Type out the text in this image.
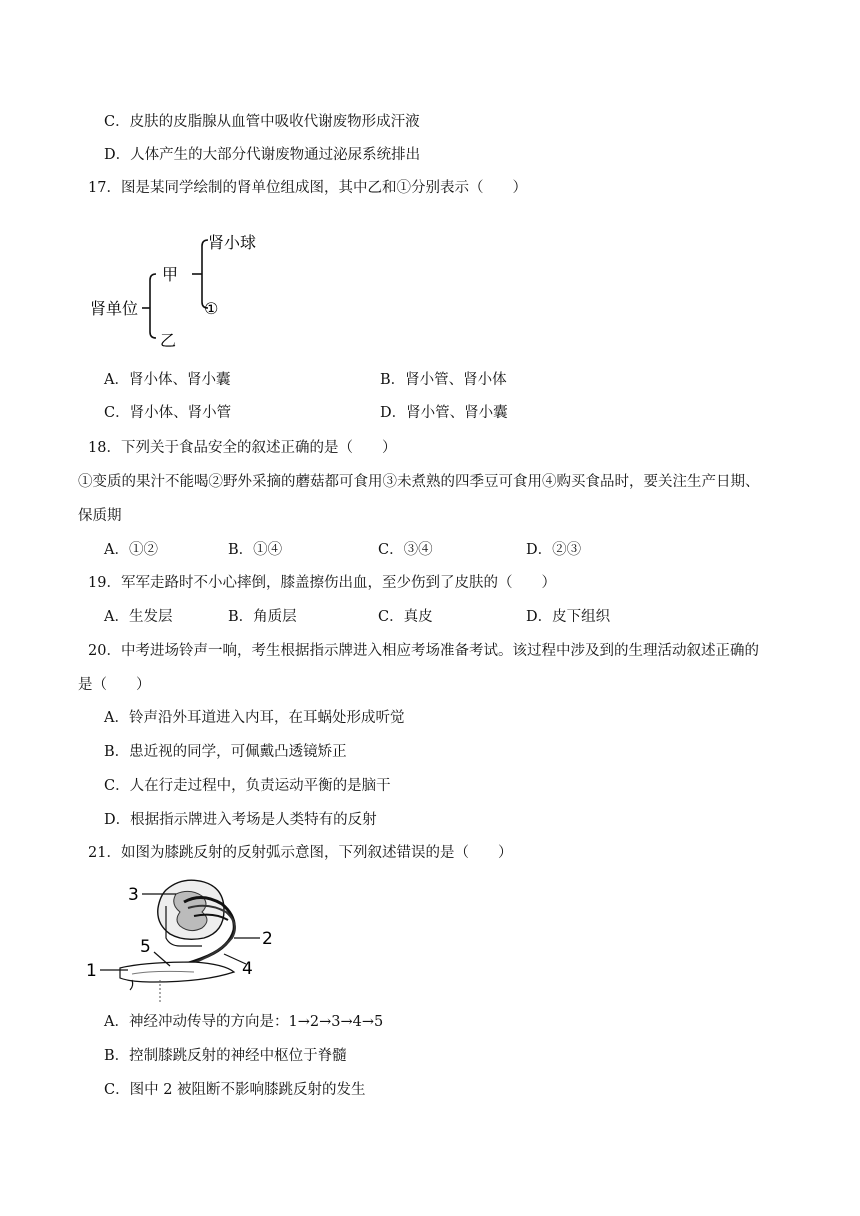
C．皮肤的皮脂腺从血管中吸收代谢废物形成汗液
D．人体产生的大部分代谢废物通过泌尿系统排出
17．图是某同学绘制的肾单位组成图，其中乙和①分别表示（　　）
肾单位
甲
乙
肾小球
①
A．肾小体、肾小囊	B．肾小管、肾小体
C．肾小体、肾小管	D．肾小管、肾小囊
18．下列关于食品安全的叙述正确的是（　　）
①变质的果汁不能喝②野外采摘的蘑菇都可食用③未煮熟的四季豆可食用④购买食品时，要关注生产日期、
保质期
A．①②	B．①④	C．③④	D．②③
19．军军走路时不小心摔倒，膝盖擦伤出血，至少伤到了皮肤的（　　）
A．生发层	B．角质层	C．真皮	D．皮下组织
20．中考进场铃声一响，考生根据指示牌进入相应考场准备考试。该过程中涉及到的生理活动叙述正确的
是（　　）
A．铃声沿外耳道进入内耳，在耳蜗处形成听觉
B．患近视的同学，可佩戴凸透镜矫正
C．人在行走过程中，负责运动平衡的是脑干
D．根据指示牌进入考场是人类特有的反射
21．如图为膝跳反射的反射弧示意图，下列叙述错误的是（　　）
3
2
5
4
1
A．神经冲动传导的方向是：1→2→3→4→5
B．控制膝跳反射的神经中枢位于脊髓
C．图中 2 被阻断不影响膝跳反射的发生
